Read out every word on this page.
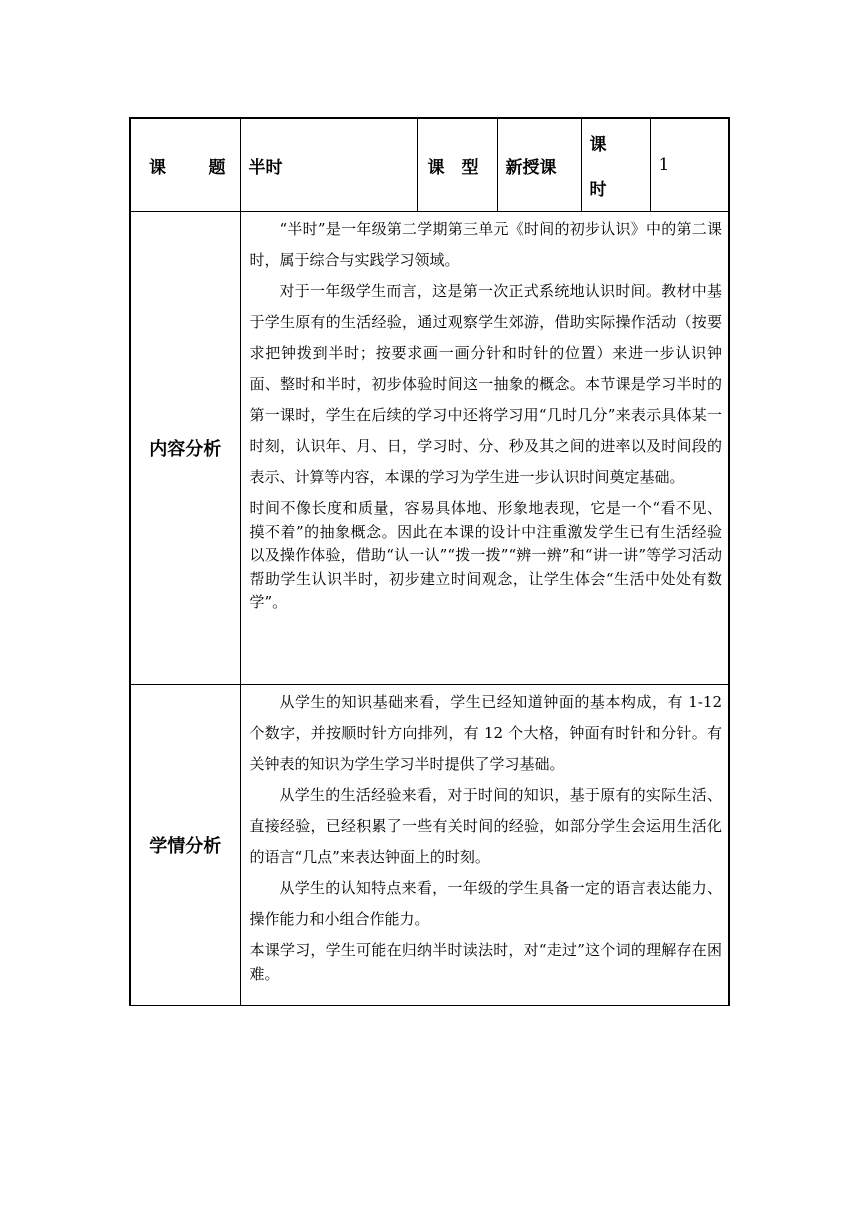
课 题	半时	课 型	新授课	课
时	1

内容分析	“半时”是一年级第二学期第三单元《时间的初步认识》中的第二课时，属于综合与实践学习领域。

对于一年级学生而言，这是第一次正式系统地认识时间。教材中基于学生原有的生活经验，通过观察学生郊游，借助实际操作活动（按要求把钟拨到半时；按要求画一画分针和时针的位置）来进一步认识钟面、整时和半时，初步体验时间这一抽象的概念。本节课是学习半时的第一课时，学生在后续的学习中还将学习用“几时几分”来表示具体某一时刻，认识年、月、日，学习时、分、秒及其之间的进率以及时间段的表示、计算等内容，本课的学习为学生进一步认识时间奠定基础。

时间不像长度和质量，容易具体地、形象地表现，它是一个“看不见、摸不着”的抽象概念。因此在本课的设计中注重激发学生已有生活经验以及操作体验，借助“认一认”“拨一拨”“辨一辨”和“讲一讲”等学习活动帮助学生认识半时，初步建立时间观念，让学生体会“生活中处处有数学”。				

学情分析	从学生的知识基础来看，学生已经知道钟面的基本构成，有 1-12 个数字，并按顺时针方向排列，有 12 个大格，钟面有时针和分针。有关钟表的知识为学生学习半时提供了学习基础。

从学生的生活经验来看，对于时间的知识，基于原有的实际生活、直接经验，已经积累了一些有关时间的经验，如部分学生会运用生活化的语言“几点”来表达钟面上的时刻。

从学生的认知特点来看，一年级的学生具备一定的语言表达能力、操作能力和小组合作能力。

本课学习，学生可能在归纳半时读法时，对“走过”这个词的理解存在困难。				
